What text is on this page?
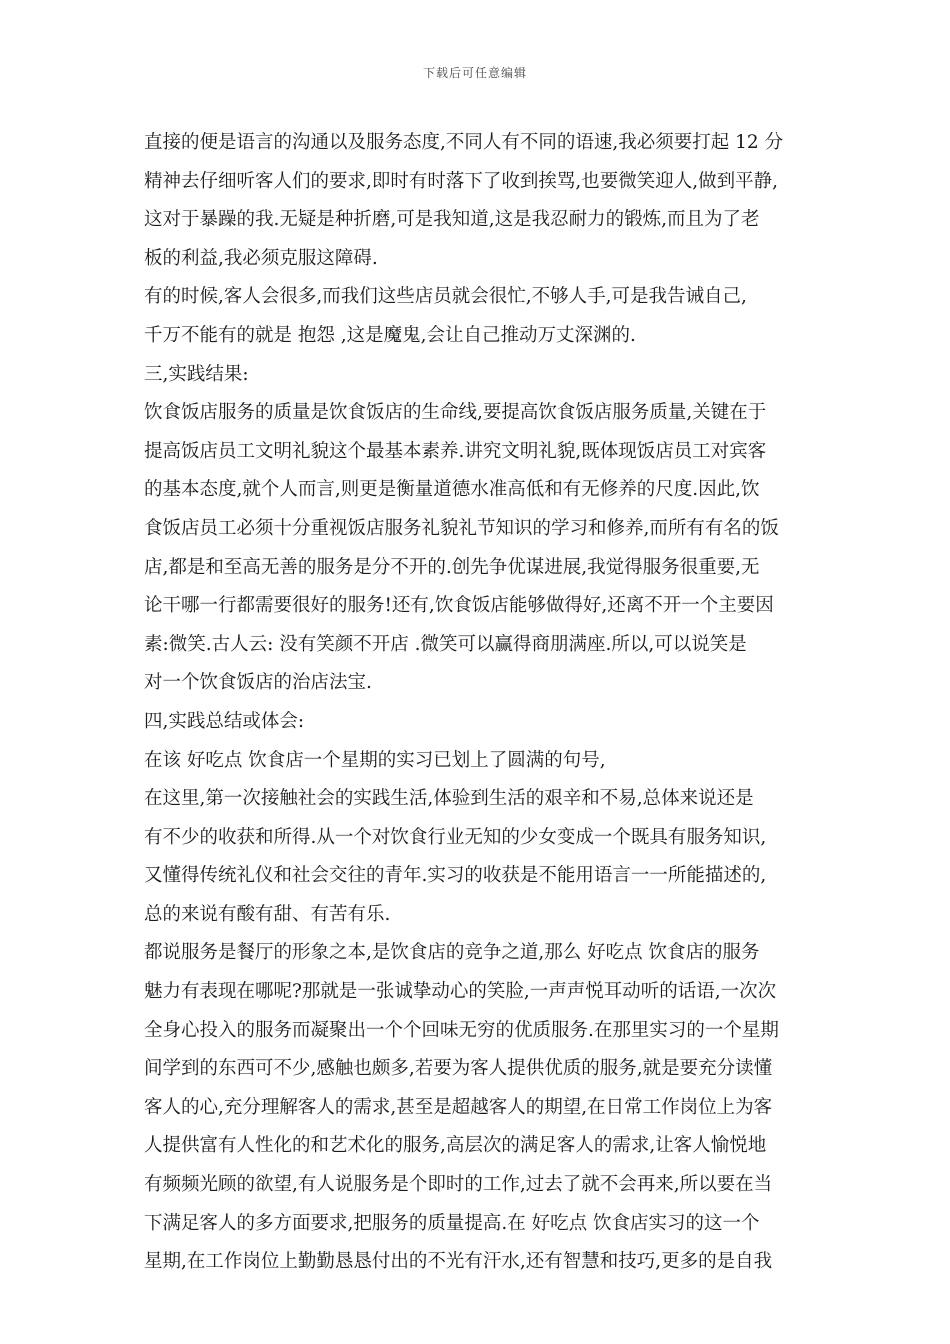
下载后可任意编辑
直接的便是语言的沟通以及服务态度,不同人有不同的语速,我必须要打起 12 分
精神去仔细听客人们的要求,即时有时落下了收到挨骂,也要微笑迎人,做到平静,
这对于暴躁的我.无疑是种折磨,可是我知道,这是我忍耐力的锻炼,而且为了老
板的利益,我必须克服这障碍.
有的时候,客人会很多,而我们这些店员就会很忙,不够人手,可是我告诫自己,
千万不能有的就是 抱怨 ,这是魔鬼,会让自己推动万丈深渊的.
三,实践结果:
饮食饭店服务的质量是饮食饭店的生命线,要提高饮食饭店服务质量,关键在于
提高饭店员工文明礼貌这个最基本素养.讲究文明礼貌,既体现饭店员工对宾客
的基本态度,就个人而言,则更是衡量道德水准高低和有无修养的尺度.因此,饮
食饭店员工必须十分重视饭店服务礼貌礼节知识的学习和修养,而所有有名的饭
店,都是和至高无善的服务是分不开的.创先争优谋进展,我觉得服务很重要,无
论干哪一行都需要很好的服务!还有,饮食饭店能够做得好,还离不开一个主要因
素:微笑.古人云: 没有笑颜不开店 .微笑可以赢得商朋满座.所以,可以说笑是
对一个饮食饭店的治店法宝.
四,实践总结或体会:
在该 好吃点 饮食店一个星期的实习已划上了圆满的句号,
在这里,第一次接触社会的实践生活,体验到生活的艰辛和不易,总体来说还是
有不少的收获和所得.从一个对饮食行业无知的少女变成一个既具有服务知识,
又懂得传统礼仪和社会交往的青年.实习的收获是不能用语言一一所能描述的,
总的来说有酸有甜、有苦有乐.
都说服务是餐厅的形象之本,是饮食店的竞争之道,那么 好吃点 饮食店的服务
魅力有表现在哪呢?那就是一张诚挚动心的笑脸,一声声悦耳动听的话语,一次次
全身心投入的服务而凝聚出一个个回味无穷的优质服务.在那里实习的一个星期
间学到的东西可不少,感触也颇多,若要为客人提供优质的服务,就是要充分读懂
客人的心,充分理解客人的需求,甚至是超越客人的期望,在日常工作岗位上为客
人提供富有人性化的和艺术化的服务,高层次的满足客人的需求,让客人愉悦地
有频频光顾的欲望,有人说服务是个即时的工作,过去了就不会再来,所以要在当
下满足客人的多方面要求,把服务的质量提高.在 好吃点 饮食店实习的这一个
星期,在工作岗位上勤勤恳恳付出的不光有汗水,还有智慧和技巧,更多的是自我
